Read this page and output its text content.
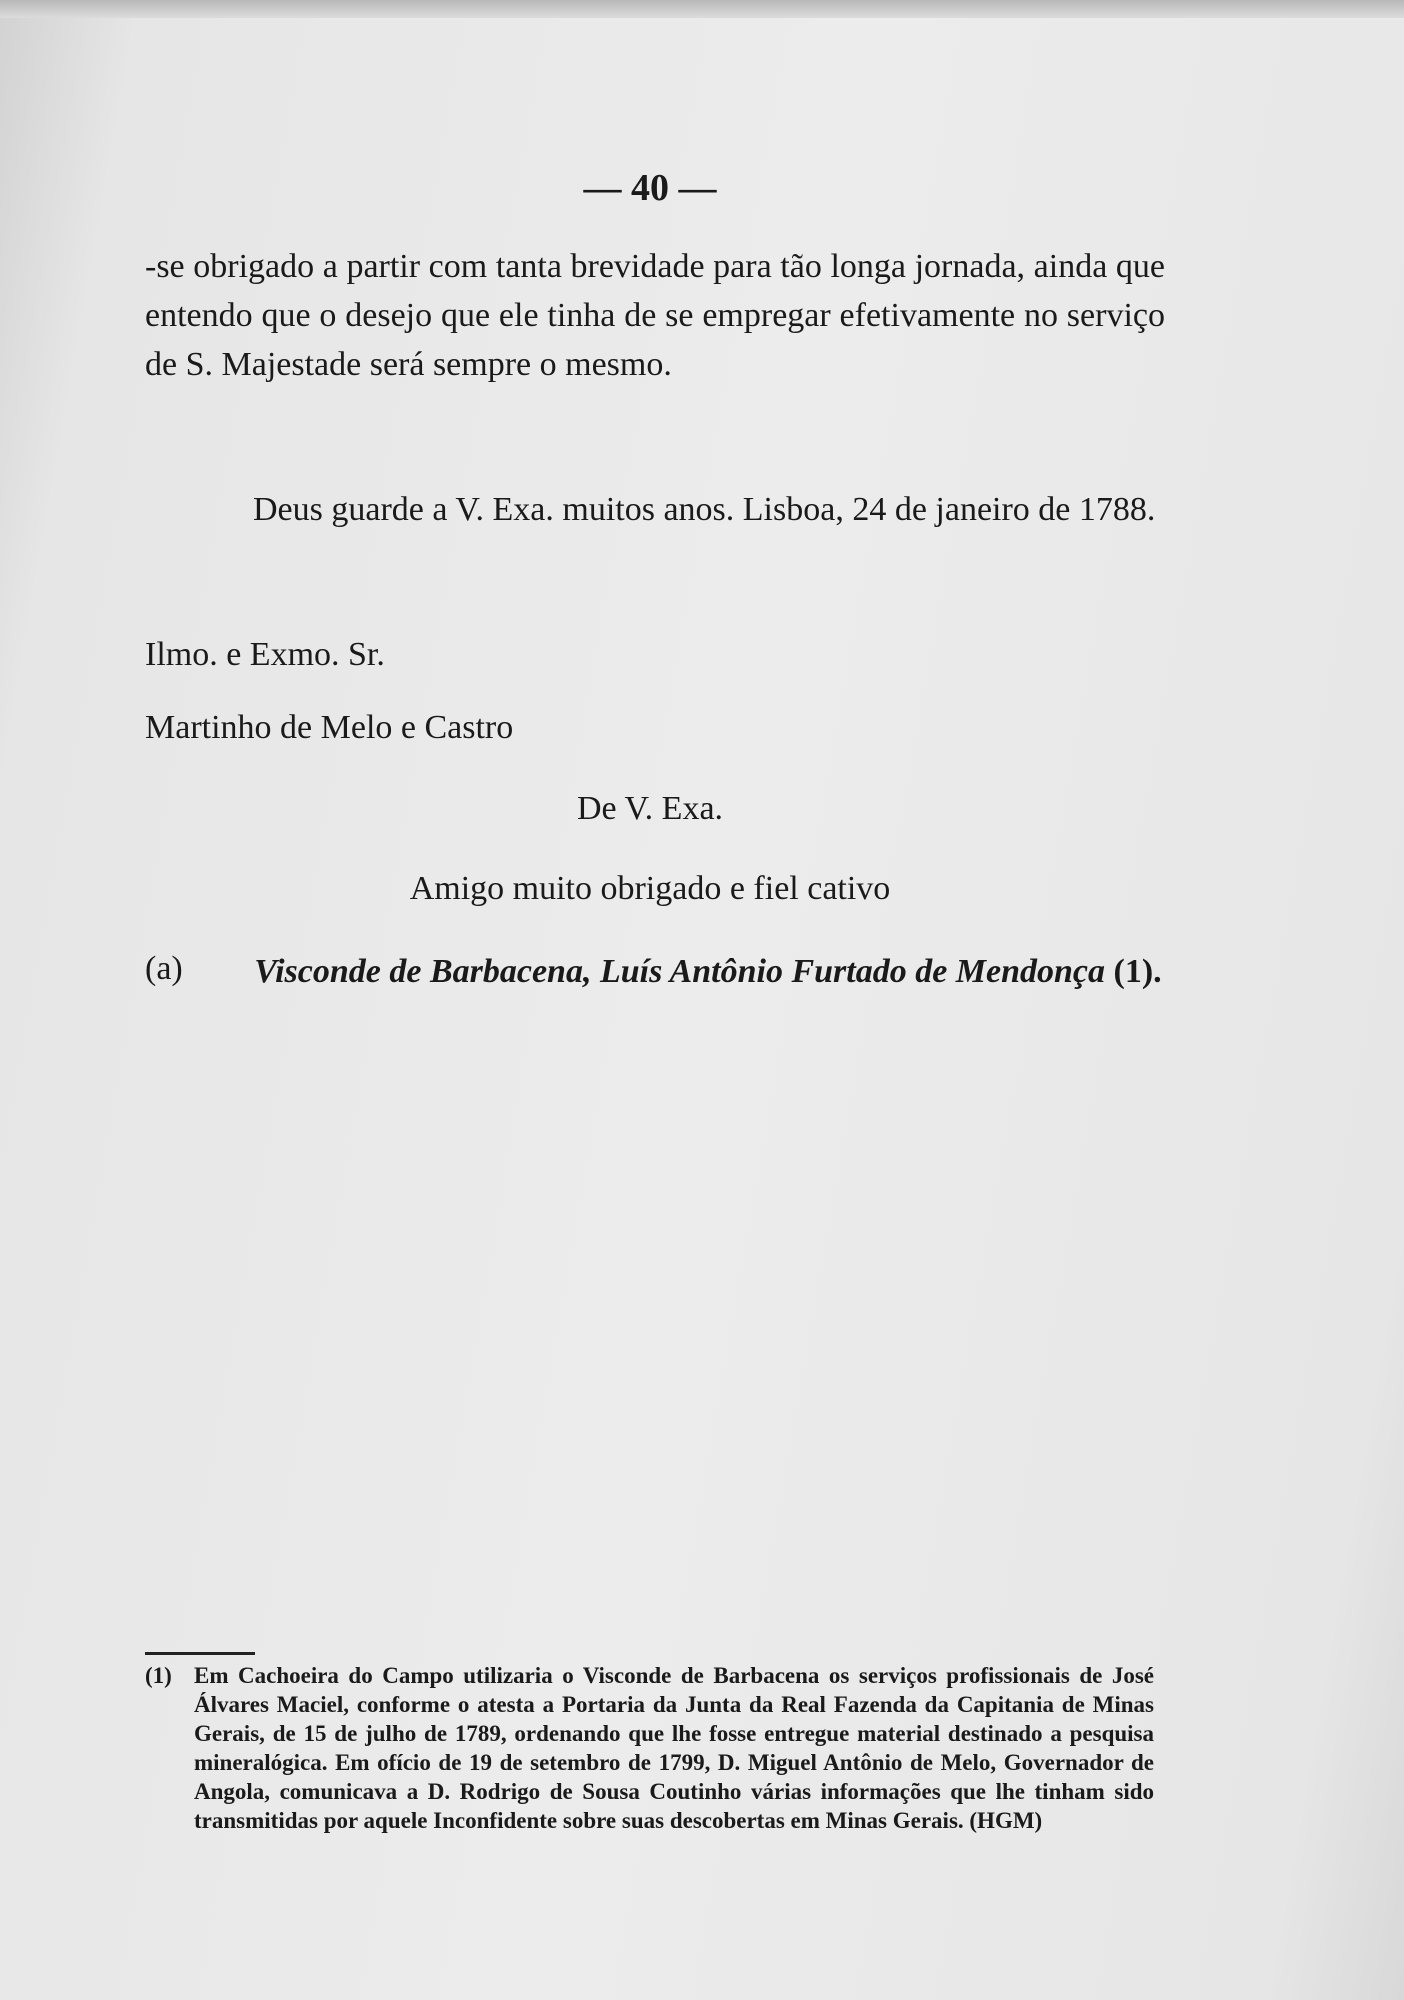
— 40 —
-se obrigado a partir com tanta brevidade para tão longa jornada, ainda que entendo que o desejo que ele tinha de se empregar efetivamente no serviço de S. Majestade será sempre o mesmo.
Deus guarde a V. Exa. muitos anos. Lisboa, 24 de janeiro de 1788.
Ilmo. e Exmo. Sr.
Martinho de Melo e Castro
De V. Exa.
Amigo muito obrigado e fiel cativo
(a)	Visconde de Barbacena, Luís Antônio Furtado de Mendonça (1).
(1) Em Cachoeira do Campo utilizaria o Visconde de Barbacena os serviços profissionais de José Álvares Maciel, conforme o atesta a Portaria da Junta da Real Fazenda da Capitania de Minas Gerais, de 15 de julho de 1789, ordenando que lhe fosse entregue material destinado a pesquisa mineralógica. Em ofício de 19 de setembro de 1799, D. Miguel Antônio de Melo, Governador de Angola, comunicava a D. Rodrigo de Sousa Coutinho várias informações que lhe tinham sido transmitidas por aquele Inconfidente sobre suas descobertas em Minas Gerais. (HGM)
